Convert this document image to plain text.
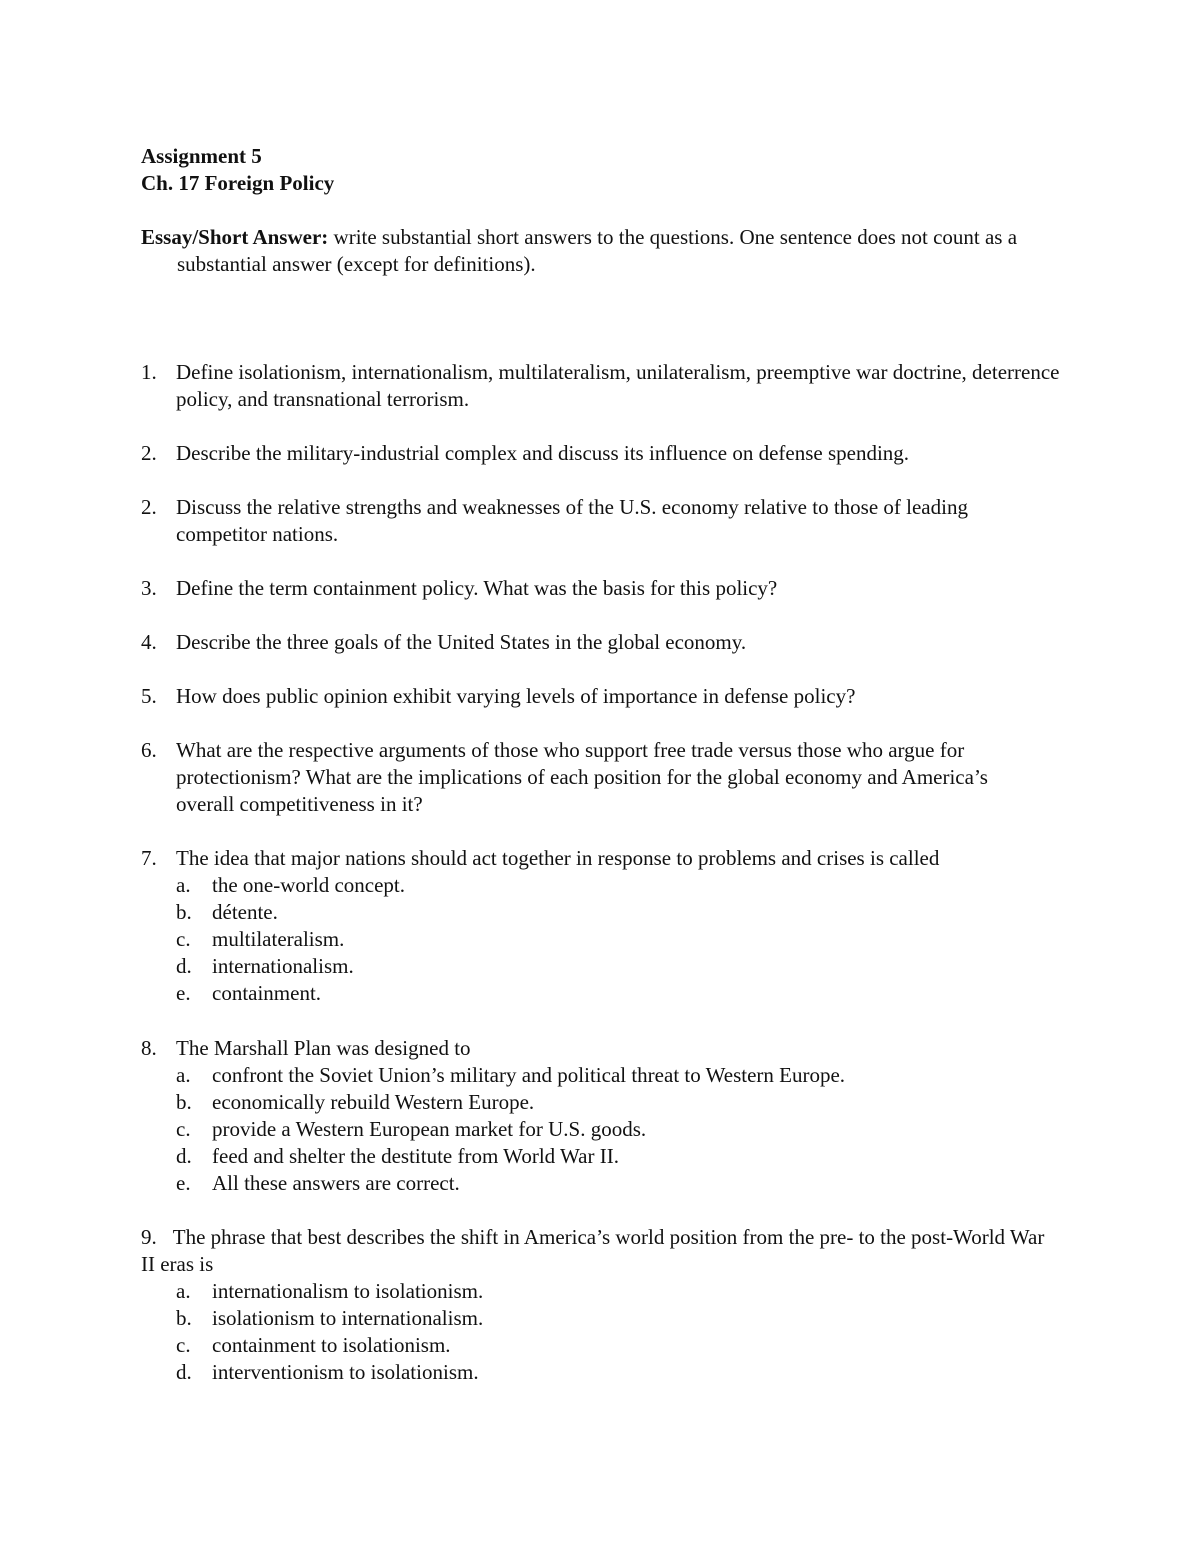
Assignment 5
Ch. 17 Foreign Policy
Essay/Short Answer: write substantial short answers to the questions. One sentence does not count as a substantial answer (except for definitions).
1. Define isolationism, internationalism, multilateralism, unilateralism, preemptive war doctrine, deterrence policy, and transnational terrorism.
2. Describe the military-industrial complex and discuss its influence on defense spending.
2. Discuss the relative strengths and weaknesses of the U.S. economy relative to those of leading competitor nations.
3. Define the term containment policy. What was the basis for this policy?
4. Describe the three goals of the United States in the global economy.
5. How does public opinion exhibit varying levels of importance in defense policy?
6. What are the respective arguments of those who support free trade versus those who argue for protectionism? What are the implications of each position for the global economy and America’s overall competitiveness in it?
7. The idea that major nations should act together in response to problems and crises is called
a. the one-world concept.
b. détente.
c. multilateralism.
d. internationalism.
e. containment.
8. The Marshall Plan was designed to
a. confront the Soviet Union’s military and political threat to Western Europe.
b. economically rebuild Western Europe.
c. provide a Western European market for U.S. goods.
d. feed and shelter the destitute from World War II.
e. All these answers are correct.
9. The phrase that best describes the shift in America’s world position from the pre- to the post-World War II eras is
a. internationalism to isolationism.
b. isolationism to internationalism.
c. containment to isolationism.
d. interventionism to isolationism.
